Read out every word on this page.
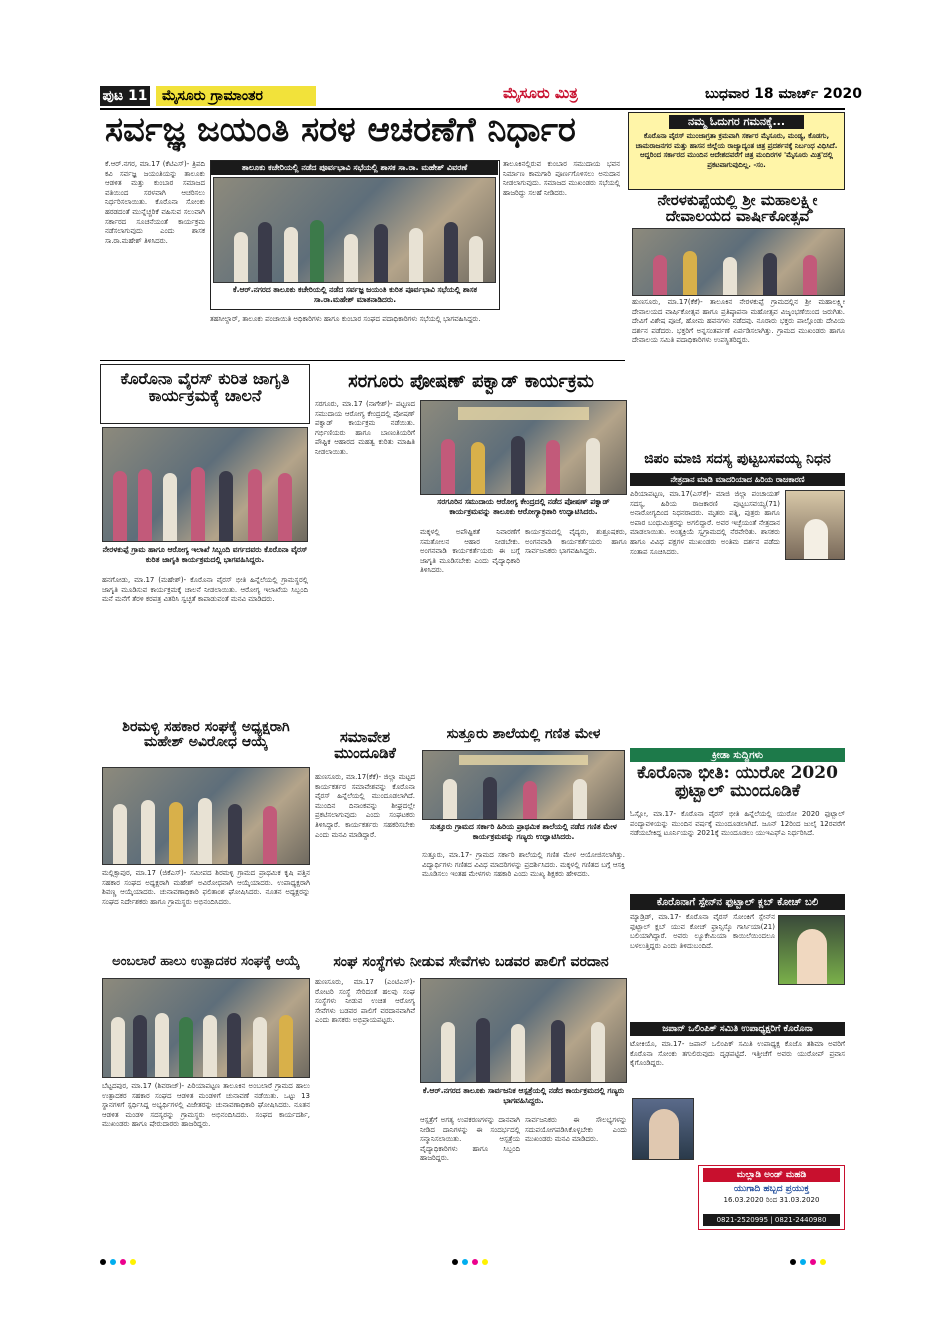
ಪುಟ 11	ಮೈಸೂರು ಗ್ರಾಮಾಂತರ	ಮೈಸೂರು ಮಿತ್ರ	ಬುಧವಾರ 18 ಮಾರ್ಚ್ 2020
ಸರ್ವಜ್ಞ ಜಯಂತಿ ಸರಳ ಆಚರಣೆಗೆ ನಿರ್ಧಾರ
ಕೆ.ಆರ್.ನಗರ, ಮಾ.17 (ಕೆಟಿಎಸ್)- ತ್ರಿಪದಿ ಕವಿ ಸರ್ವಜ್ಞ ಜಯಂತಿಯನ್ನು ತಾಲೂಕು ಆಡಳಿತ ಮತ್ತು ಕುಂಬಾರ ಸಮಾಜದ ವತಿಯಿಂದ ಸರಳವಾಗಿ ಆಚರಿಸಲು ನಿರ್ಧರಿಸಲಾಯಿತು. ಕೊರೊನಾ ಸೋಂಕು ಹರಡದಂತೆ ಮುನ್ನೆಚ್ಚರಿಕೆ ವಹಿಸುವ ಸಲುವಾಗಿ ಸರ್ಕಾರದ ಸೂಚನೆಯಂತೆ ಕಾರ್ಯಕ್ರಮ ನಡೆಸಲಾಗುವುದು ಎಂದು ಶಾಸಕ ಸಾ.ರಾ.ಮಹೇಶ್ ತಿಳಿಸಿದರು.
ತಾಲೂಕು ಕಚೇರಿಯಲ್ಲಿ ನಡೆದ ಪೂರ್ವಭಾವಿ ಸಭೆಯಲ್ಲಿ ಶಾಸಕ ಸಾ.ರಾ. ಮಹೇಶ್ ವಿವರಣೆ
ಕೆ.ಆರ್.ನಗರದ ತಾಲೂಕು ಕಚೇರಿಯಲ್ಲಿ ನಡೆದ ಸರ್ವಜ್ಞ ಜಯಂತಿ ಕುರಿತ ಪೂರ್ವಭಾವಿ ಸಭೆಯಲ್ಲಿ ಶಾಸಕ ಸಾ.ರಾ.ಮಹೇಶ್ ಮಾತನಾಡಿದರು.
ತಾಲೂಕಿನಲ್ಲಿರುವ ಕುಂಬಾರ ಸಮುದಾಯ ಭವನ ನಿರ್ಮಾಣ ಕಾಮಗಾರಿ ಪೂರ್ಣಗೊಳಿಸಲು ಅನುದಾನ ನೀಡಲಾಗುವುದು. ಸಮಾಜದ ಮುಖಂಡರು ಸಭೆಯಲ್ಲಿ ಹಾಜರಿದ್ದು ಸಲಹೆ ನೀಡಿದರು.
ತಹಸೀಲ್ದಾರ್, ತಾಲೂಕು ಪಂಚಾಯಿತಿ ಅಧಿಕಾರಿಗಳು ಹಾಗೂ ಕುಂಬಾರ ಸಂಘದ ಪದಾಧಿಕಾರಿಗಳು ಸಭೆಯಲ್ಲಿ ಭಾಗವಹಿಸಿದ್ದರು.
ನಮ್ಮ ಓದುಗರ ಗಮನಕ್ಕೆ...
ಕೊರೊನಾ ವೈರಸ್ ಮುಂಜಾಗ್ರತಾ ಕ್ರಮವಾಗಿ ಸರ್ಕಾರ ಮೈಸೂರು, ಮಂಡ್ಯ, ಕೊಡಗು, ಚಾಮರಾಜನಗರ ಮತ್ತು ಹಾಸನ ಜಿಲ್ಲೆಯ ರಾಜ್ಯಾದ್ಯಂತ ಚಿತ್ರ ಪ್ರದರ್ಶನಕ್ಕೆ ನಿರ್ಬಂಧ ವಿಧಿಸಿದೆ. ಆದ್ದರಿಂದ ಸರ್ಕಾರದ ಮುಂದಿನ ಆದೇಶದವರೆಗೆ ಚಿತ್ರ ಮಂದಿರಗಳ 'ಮೈಸೂರು ಮಿತ್ರ'ದಲ್ಲಿ ಪ್ರಕಟವಾಗುವುದಿಲ್ಲ. -ಸಂ.
ನೇರಳಕುಪ್ಪೆಯಲ್ಲಿ ಶ್ರೀ ಮಹಾಲಕ್ಷ್ಮೀ ದೇವಾಲಯದ ವಾರ್ಷಿಕೋತ್ಸವ
ಹುಣಸೂರು, ಮಾ.17(ಕೆಕೆ)- ತಾಲೂಕಿನ ನೇರಳಕುಪ್ಪೆ ಗ್ರಾಮದಲ್ಲಿನ ಶ್ರೀ ಮಹಾಲಕ್ಷ್ಮೀ ದೇವಾಲಯದ ವಾರ್ಷಿಕೋತ್ಸವ ಹಾಗೂ ಪ್ರತಿಷ್ಠಾಪನಾ ಮಹೋತ್ಸವ ವಿಜೃಂಭಣೆಯಿಂದ ಜರುಗಿತು. ದೇವಿಗೆ ವಿಶೇಷ ಪೂಜೆ, ಹೋಮ ಹವನಗಳು ನಡೆದವು. ನೂರಾರು ಭಕ್ತರು ಪಾಲ್ಗೊಂಡು ದೇವಿಯ ದರ್ಶನ ಪಡೆದರು. ಭಕ್ತರಿಗೆ ಅನ್ನಸಂತರ್ಪಣೆ ಏರ್ಪಡಿಸಲಾಗಿತ್ತು. ಗ್ರಾಮದ ಮುಖಂಡರು ಹಾಗೂ ದೇವಾಲಯ ಸಮಿತಿ ಪದಾಧಿಕಾರಿಗಳು ಉಪಸ್ಥಿತರಿದ್ದರು.
ಕೊರೊನಾ ವೈರಸ್ ಕುರಿತ ಜಾಗೃತಿ ಕಾರ್ಯಕ್ರಮಕ್ಕೆ ಚಾಲನೆ
ನೇರಳಕುಪ್ಪೆ ಗ್ರಾಮ ಹಾಗೂ ಆರೋಗ್ಯ ಇಲಾಖೆ ಸಿಬ್ಬಂದಿ ವರ್ಗದವರು ಕೊರೊನಾ ವೈರಸ್ ಕುರಿತ ಜಾಗೃತಿ ಕಾರ್ಯಕ್ರಮದಲ್ಲಿ ಭಾಗವಹಿಸಿದ್ದರು.
ಹನಗೋಡು, ಮಾ.17 (ಮಹೇಶ್)- ಕೊರೊನಾ ವೈರಸ್ ಭೀತಿ ಹಿನ್ನೆಲೆಯಲ್ಲಿ ಗ್ರಾಮಸ್ಥರಲ್ಲಿ ಜಾಗೃತಿ ಮೂಡಿಸುವ ಕಾರ್ಯಕ್ರಮಕ್ಕೆ ಚಾಲನೆ ನೀಡಲಾಯಿತು. ಆರೋಗ್ಯ ಇಲಾಖೆಯ ಸಿಬ್ಬಂದಿ ಮನೆ ಮನೆಗೆ ತೆರಳಿ ಕರಪತ್ರ ವಿತರಿಸಿ ಸ್ವಚ್ಛತೆ ಕಾಪಾಡುವಂತೆ ಮನವಿ ಮಾಡಿದರು.
ಸರಗೂರು ಪೋಷಣ್ ಪಕ್ವಾಡ್ ಕಾರ್ಯಕ್ರಮ
ಸರಗೂರು, ಮಾ.17 (ನಾಗೇಶ್)- ಪಟ್ಟಣದ ಸಮುದಾಯ ಆರೋಗ್ಯ ಕೇಂದ್ರದಲ್ಲಿ ಪೋಷಣ್ ಪಕ್ವಾಡ್ ಕಾರ್ಯಕ್ರಮ ನಡೆಯಿತು. ಗರ್ಭಿಣಿಯರು ಹಾಗೂ ಬಾಣಂತಿಯರಿಗೆ ಪೌಷ್ಟಿಕ ಆಹಾರದ ಮಹತ್ವ ಕುರಿತು ಮಾಹಿತಿ ನೀಡಲಾಯಿತು.
ಸರಗೂರಿನ ಸಮುದಾಯ ಆರೋಗ್ಯ ಕೇಂದ್ರದಲ್ಲಿ ನಡೆದ ಪೋಷಣ್ ಪಕ್ವಾಡ್ ಕಾರ್ಯಕ್ರಮವನ್ನು ತಾಲೂಕು ಆರೋಗ್ಯಾಧಿಕಾರಿ ಉದ್ಘಾಟಿಸಿದರು.
ಮಕ್ಕಳಲ್ಲಿ ಅಪೌಷ್ಟಿಕತೆ ನಿವಾರಣೆಗೆ ಸಮತೋಲನ ಆಹಾರ ನೀಡಬೇಕು. ಅಂಗನವಾಡಿ ಕಾರ್ಯಕರ್ತೆಯರು ಈ ಬಗ್ಗೆ ಜಾಗೃತಿ ಮೂಡಿಸಬೇಕು ಎಂದು ವೈದ್ಯಾಧಿಕಾರಿ ತಿಳಿಸಿದರು.
ಕಾರ್ಯಕ್ರಮದಲ್ಲಿ ವೈದ್ಯರು, ಶುಶ್ರೂಷಕರು, ಅಂಗನವಾಡಿ ಕಾರ್ಯಕರ್ತೆಯರು ಹಾಗೂ ಸಾರ್ವಜನಿಕರು ಭಾಗವಹಿಸಿದ್ದರು.
ಜಿಪಂ ಮಾಜಿ ಸದಸ್ಯ ಪುಟ್ಟಬಸವಯ್ಯ ನಿಧನ
ನೇತ್ರದಾನ ಮಾಡಿ ಮಾದರಿಯಾದ ಹಿರಿಯ ರಾಜಕಾರಣಿ
ಪಿರಿಯಾಪಟ್ಟಣ, ಮಾ.17(ಎಸ್‍ಕೆ)- ಮಾಜಿ ಜಿಲ್ಲಾ ಪಂಚಾಯತ್ ಸದಸ್ಯ, ಹಿರಿಯ ರಾಜಕಾರಣಿ ಪುಟ್ಟಬಸವಯ್ಯ(71) ಅನಾರೋಗ್ಯದಿಂದ ನಿಧನರಾದರು. ಮೃತರು ಪತ್ನಿ, ಪುತ್ರರು ಹಾಗೂ ಅಪಾರ ಬಂಧುಮಿತ್ರರನ್ನು ಅಗಲಿದ್ದಾರೆ. ಅವರ ಇಚ್ಛೆಯಂತೆ ನೇತ್ರದಾನ ಮಾಡಲಾಯಿತು. ಅಂತ್ಯಕ್ರಿಯೆ ಸ್ವಗ್ರಾಮದಲ್ಲಿ ನೆರವೇರಿತು. ಶಾಸಕರು ಹಾಗೂ ವಿವಿಧ ಪಕ್ಷಗಳ ಮುಖಂಡರು ಅಂತಿಮ ದರ್ಶನ ಪಡೆದು ಸಂತಾಪ ಸೂಚಿಸಿದರು.
ಕ್ರೀಡಾ ಸುದ್ದಿಗಳು
ಕೊರೊನಾ ಭೀತಿ: ಯುರೋ 2020 ಫುಟ್ಬಾಲ್ ಮುಂದೂಡಿಕೆ
ಓಸ್ಲೋ, ಮಾ.17- ಕೊರೊನಾ ವೈರಸ್ ಭೀತಿ ಹಿನ್ನೆಲೆಯಲ್ಲಿ ಯುರೋ 2020 ಫುಟ್ಬಾಲ್ ಪಂದ್ಯಾವಳಿಯನ್ನು ಮುಂದಿನ ವರ್ಷಕ್ಕೆ ಮುಂದೂಡಲಾಗಿದೆ. ಜೂನ್ 12ರಿಂದ ಜುಲೈ 12ರವರೆಗೆ ನಡೆಯಬೇಕಿದ್ದ ಟೂರ್ನಿಯನ್ನು 2021ಕ್ಕೆ ಮುಂದೂಡಲು ಯುಇಎಫ್‍ಎ ನಿರ್ಧರಿಸಿದೆ.
ಕೊರೊನಾಗೆ ಸ್ಪೇನ್‍ನ ಫುಟ್ಬಾಲ್ ಕ್ಲಬ್ ಕೋಚ್ ಬಲಿ
ಮ್ಯಾಡ್ರಿಡ್, ಮಾ.17- ಕೊರೊನಾ ವೈರಸ್ ಸೋಂಕಿಗೆ ಸ್ಪೇನ್‍ನ ಫುಟ್ಬಾಲ್ ಕ್ಲಬ್ ಯುವ ಕೋಚ್ ಫ್ರಾನ್ಸಿಸ್ಕೊ ಗಾರ್ಸಿಯಾ(21) ಬಲಿಯಾಗಿದ್ದಾರೆ. ಅವರು ಲ್ಯೂಕೇಮಿಯಾ ಕಾಯಿಲೆಯಿಂದಲೂ ಬಳಲುತ್ತಿದ್ದರು ಎಂದು ತಿಳಿದುಬಂದಿದೆ.
ಜಪಾನ್ ಒಲಿಂಪಿಕ್ ಸಮಿತಿ ಉಪಾಧ್ಯಕ್ಷರಿಗೆ ಕೊರೊನಾ
ಟೋಕಿಯೊ, ಮಾ.17- ಜಪಾನ್ ಒಲಿಂಪಿಕ್ ಸಮಿತಿ ಉಪಾಧ್ಯಕ್ಷ ಕೊಜೊ ತಶಿಮಾ ಅವರಿಗೆ ಕೊರೊನಾ ಸೋಂಕು ತಗುಲಿರುವುದು ದೃಢಪಟ್ಟಿದೆ. ಇತ್ತೀಚೆಗೆ ಅವರು ಯುರೋಪ್ ಪ್ರವಾಸ ಕೈಗೊಂಡಿದ್ದರು.
ಮಲ್ಲಾಡಿ ಅಂಡ್ ಮಹಡಿ
ಯುಗಾದಿ ಹಬ್ಬದ ಪ್ರಯುಕ್ತ
16.03.2020 ರಿಂದ 31.03.2020
0821-2520995 | 0821-2440980
ಶಿರಮಳ್ಳಿ ಸಹಕಾರ ಸಂಘಕ್ಕೆ ಅಧ್ಯಕ್ಷರಾಗಿ ಮಹೇಶ್ ಅವಿರೋಧ ಆಯ್ಕೆ
ಮಲ್ಲಿಕ್ಸಾಪುರ, ಮಾ.17 (ಜಿಕೆಎಸ್)- ಸಮೀಪದ ಶಿರಮಳ್ಳಿ ಗ್ರಾಮದ ಪ್ರಾಥಮಿಕ ಕೃಷಿ ಪತ್ತಿನ ಸಹಕಾರ ಸಂಘದ ಅಧ್ಯಕ್ಷರಾಗಿ ಮಹೇಶ್ ಅವಿರೋಧವಾಗಿ ಆಯ್ಕೆಯಾದರು. ಉಪಾಧ್ಯಕ್ಷರಾಗಿ ಶಿವಣ್ಣ ಆಯ್ಕೆಯಾದರು. ಚುನಾವಣಾಧಿಕಾರಿ ಫಲಿತಾಂಶ ಘೋಷಿಸಿದರು. ನೂತನ ಅಧ್ಯಕ್ಷರನ್ನು ಸಂಘದ ನಿರ್ದೇಶಕರು ಹಾಗೂ ಗ್ರಾಮಸ್ಥರು ಅಭಿನಂದಿಸಿದರು.
ಸಮಾವೇಶ ಮುಂದೂಡಿಕೆ
ಹುಣಸೂರು, ಮಾ.17(ಕೆಕೆ)- ಜಿಲ್ಲಾ ಮಟ್ಟದ ಕಾರ್ಯಕರ್ತರ ಸಮಾವೇಶವನ್ನು ಕೊರೊನಾ ವೈರಸ್ ಹಿನ್ನೆಲೆಯಲ್ಲಿ ಮುಂದೂಡಲಾಗಿದೆ. ಮುಂದಿನ ದಿನಾಂಕವನ್ನು ಶೀಘ್ರದಲ್ಲೇ ಪ್ರಕಟಿಸಲಾಗುವುದು ಎಂದು ಸಂಘಟಕರು ತಿಳಿಸಿದ್ದಾರೆ. ಕಾರ್ಯಕರ್ತರು ಸಹಕರಿಸಬೇಕು ಎಂದು ಮನವಿ ಮಾಡಿದ್ದಾರೆ.
ಸುತ್ತೂರು ಶಾಲೆಯಲ್ಲಿ ಗಣಿತ ಮೇಳ
ಸುತ್ತೂರು ಗ್ರಾಮದ ಸರ್ಕಾರಿ ಹಿರಿಯ ಪ್ರಾಥಮಿಕ ಶಾಲೆಯಲ್ಲಿ ನಡೆದ ಗಣಿತ ಮೇಳ ಕಾರ್ಯಕ್ರಮವನ್ನು ಗಣ್ಯರು ಉದ್ಘಾಟಿಸಿದರು.
ಸುತ್ತೂರು, ಮಾ.17- ಗ್ರಾಮದ ಸರ್ಕಾರಿ ಶಾಲೆಯಲ್ಲಿ ಗಣಿತ ಮೇಳ ಆಯೋಜಿಸಲಾಗಿತ್ತು. ವಿದ್ಯಾರ್ಥಿಗಳು ಗಣಿತದ ವಿವಿಧ ಮಾದರಿಗಳನ್ನು ಪ್ರದರ್ಶಿಸಿದರು. ಮಕ್ಕಳಲ್ಲಿ ಗಣಿತದ ಬಗ್ಗೆ ಆಸಕ್ತಿ ಮೂಡಿಸಲು ಇಂತಹ ಮೇಳಗಳು ಸಹಕಾರಿ ಎಂದು ಮುಖ್ಯ ಶಿಕ್ಷಕರು ಹೇಳಿದರು.
ಅಂಬಲಾರೆ ಹಾಲು ಉತ್ಪಾದಕರ ಸಂಘಕ್ಕೆ ಆಯ್ಕೆ
ಬೆಟ್ಟದಪುರ, ಮಾ.17 (ಶಿವರಾಜ್)- ಪಿರಿಯಾಪಟ್ಟಣ ತಾಲೂಕಿನ ಅಂಬಲಾರೆ ಗ್ರಾಮದ ಹಾಲು ಉತ್ಪಾದಕರ ಸಹಕಾರ ಸಂಘದ ಆಡಳಿತ ಮಂಡಳಿಗೆ ಚುನಾವಣೆ ನಡೆಯಿತು. ಒಟ್ಟು 13 ಸ್ಥಾನಗಳಿಗೆ ಸ್ಪರ್ಧಿಸಿದ್ದ ಅಭ್ಯರ್ಥಿಗಳಲ್ಲಿ ವಿಜೇತರನ್ನು ಚುನಾವಣಾಧಿಕಾರಿ ಘೋಷಿಸಿದರು. ನೂತನ ಆಡಳಿತ ಮಂಡಳಿ ಸದಸ್ಯರನ್ನು ಗ್ರಾಮಸ್ಥರು ಅಭಿನಂದಿಸಿದರು. ಸಂಘದ ಕಾರ್ಯದರ್ಶಿ, ಮುಖಂಡರು ಹಾಗೂ ಷೇರುದಾರರು ಹಾಜರಿದ್ದರು.
ಸಂಘ ಸಂಸ್ಥೆಗಳು ನೀಡುವ ಸೇವೆಗಳು ಬಡವರ ಪಾಲಿಗೆ ವರದಾನ
ಹುಣಸೂರು, ಮಾ.17 (ಎಂಟಿಎಸ್)- ರೋಟರಿ ಸಂಸ್ಥೆ ಸೇರಿದಂತೆ ಹಲವು ಸಂಘ ಸಂಸ್ಥೆಗಳು ನೀಡುವ ಉಚಿತ ಆರೋಗ್ಯ ಸೇವೆಗಳು ಬಡವರ ಪಾಲಿಗೆ ವರದಾನವಾಗಿವೆ ಎಂದು ಶಾಸಕರು ಅಭಿಪ್ರಾಯಪಟ್ಟರು.
ಕೆ.ಆರ್.ನಗರದ ತಾಲೂಕು ಸಾರ್ವಜನಿಕ ಆಸ್ಪತ್ರೆಯಲ್ಲಿ ನಡೆದ ಕಾರ್ಯಕ್ರಮದಲ್ಲಿ ಗಣ್ಯರು ಭಾಗವಹಿಸಿದ್ದರು.
ಆಸ್ಪತ್ರೆಗೆ ಅಗತ್ಯ ಉಪಕರಣಗಳನ್ನು ದಾನವಾಗಿ ನೀಡಿದ ದಾನಿಗಳನ್ನು ಈ ಸಂದರ್ಭದಲ್ಲಿ ಸನ್ಮಾನಿಸಲಾಯಿತು. ಆಸ್ಪತ್ರೆಯ ವೈದ್ಯಾಧಿಕಾರಿಗಳು ಹಾಗೂ ಸಿಬ್ಬಂದಿ ಹಾಜರಿದ್ದರು.
ಸಾರ್ವಜನಿಕರು ಈ ಸೌಲಭ್ಯಗಳನ್ನು ಸದುಪಯೋಗಪಡಿಸಿಕೊಳ್ಳಬೇಕು ಎಂದು ಮುಖಂಡರು ಮನವಿ ಮಾಡಿದರು.
